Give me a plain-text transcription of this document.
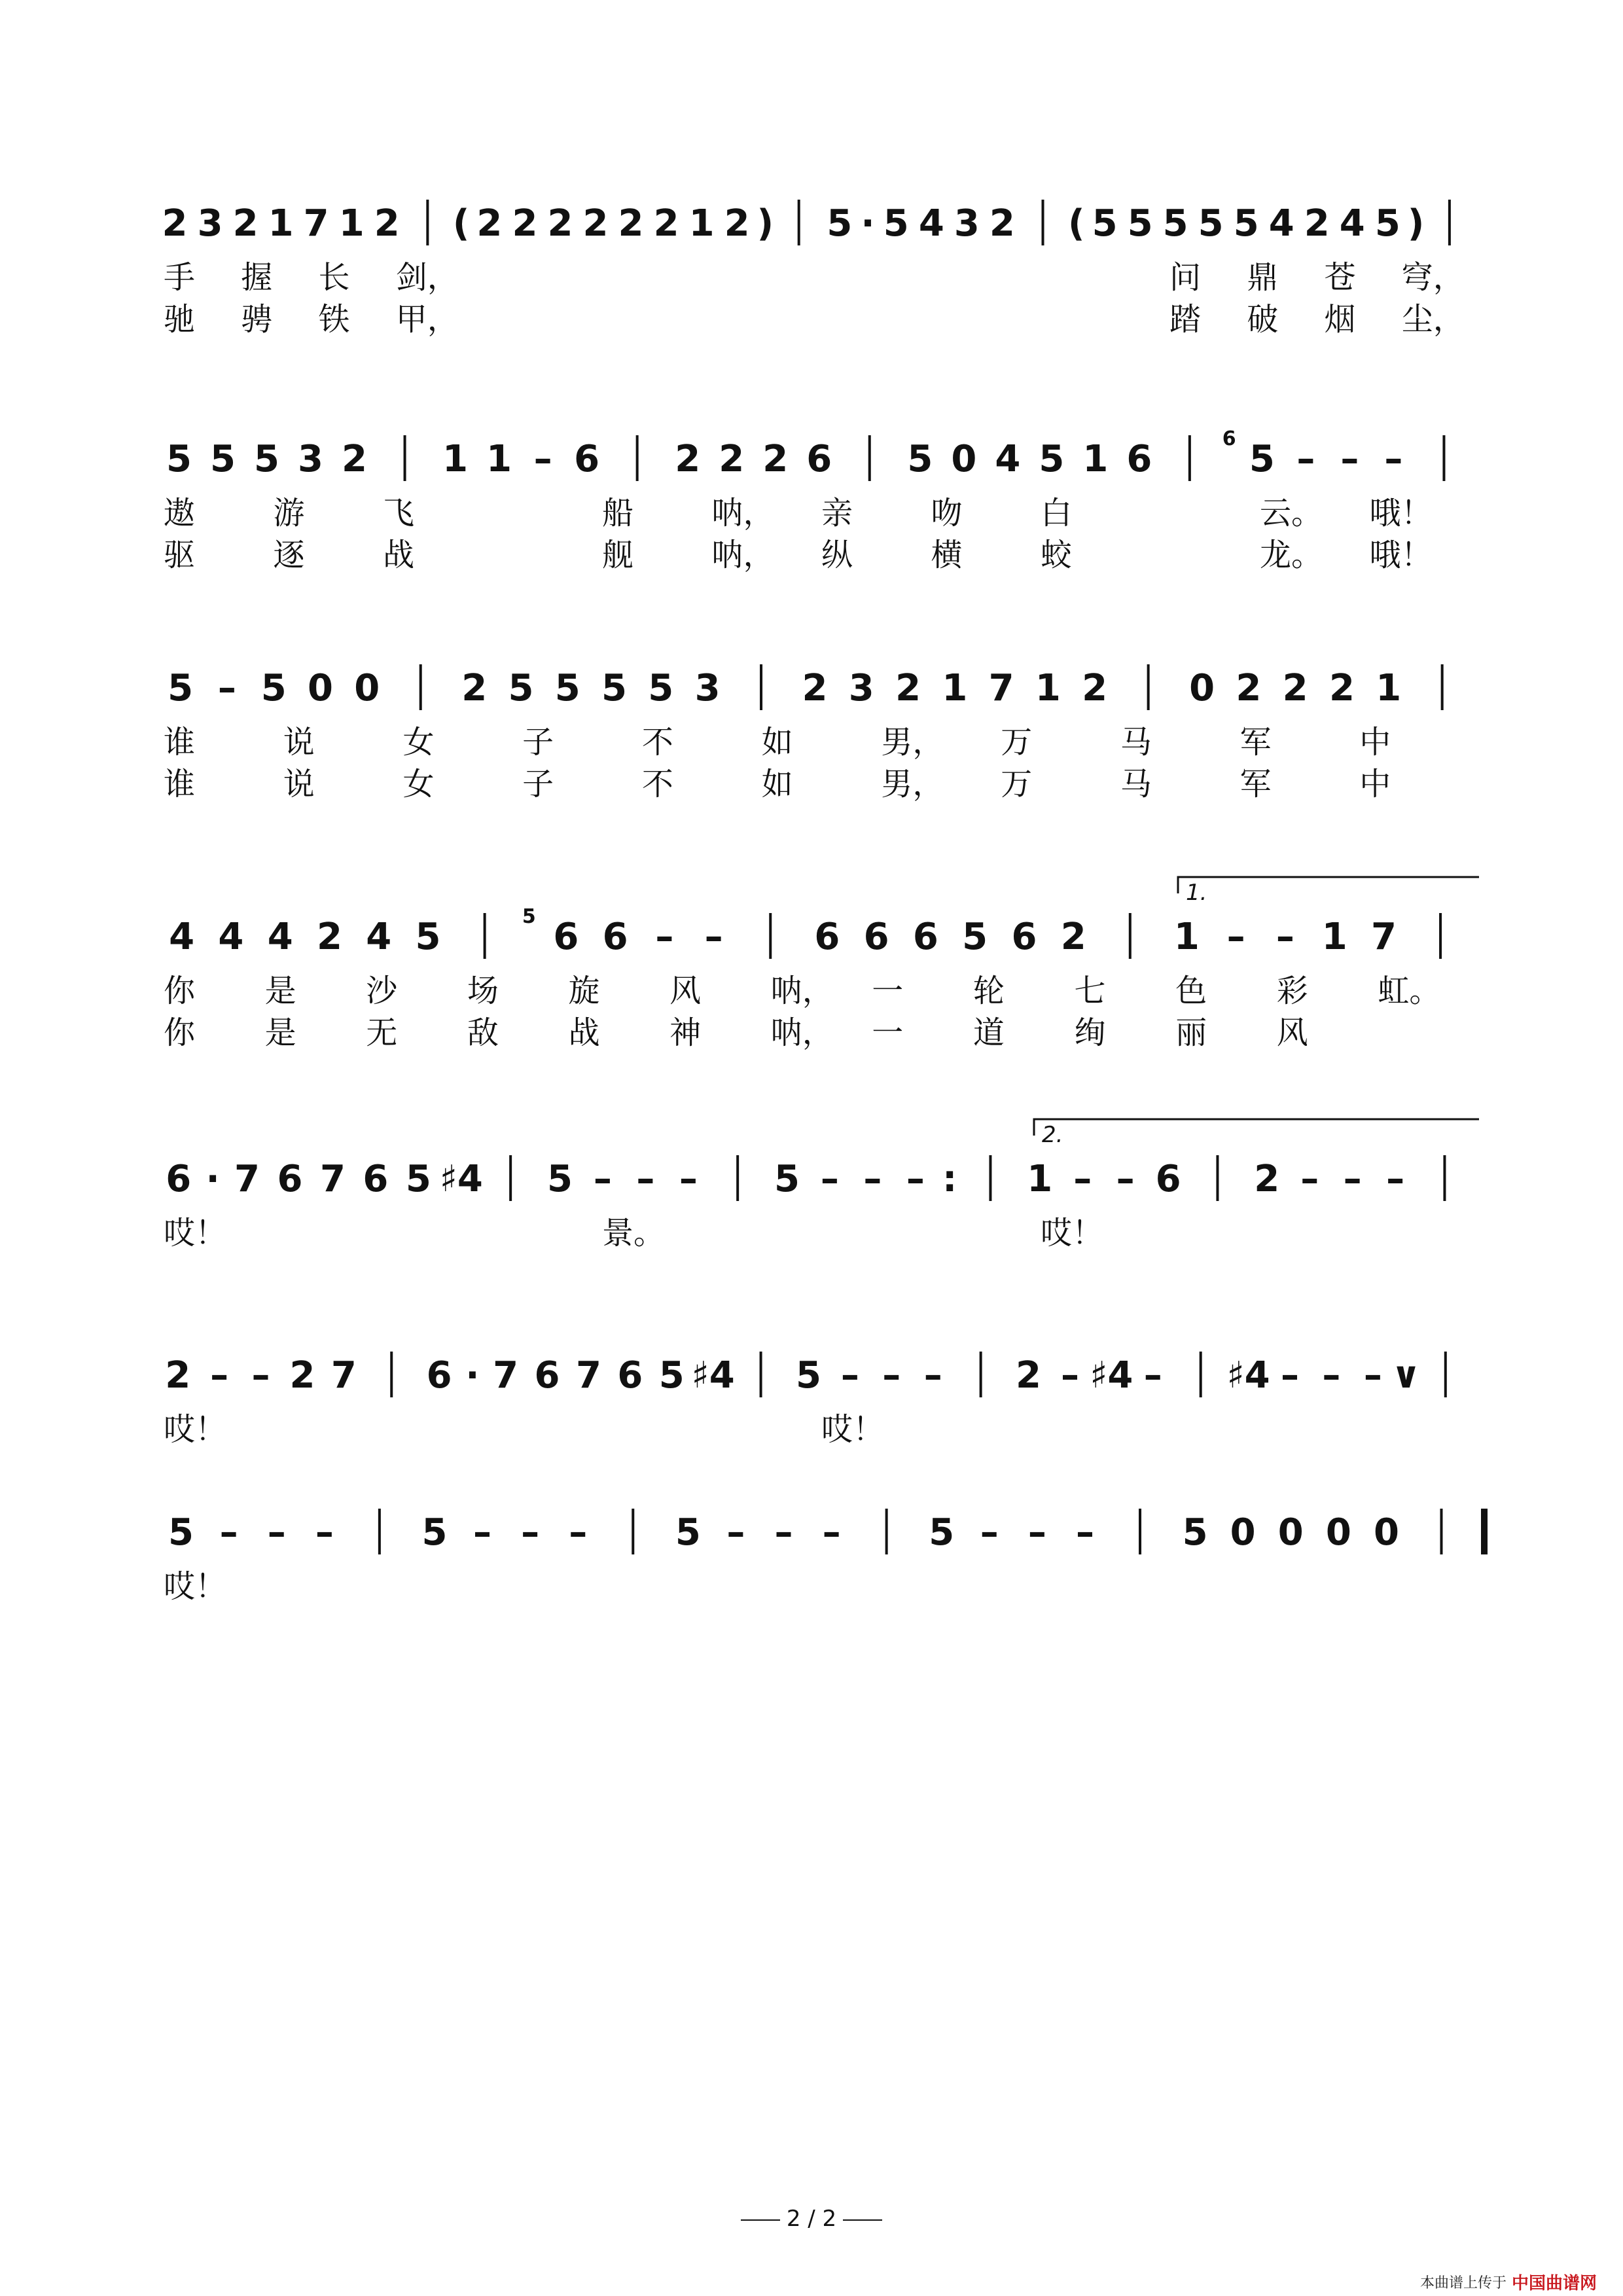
2 3 2 1 7 1 2 ( 2 2 2 2 2 2 1 2 ) 5 · 5 4 3 2 ( 5 5 5 5 5 4 2 4 5 )
手 握 长 剑，	问 鼎 苍 穹，
驰 骋 铁 甲，	踏 破 烟 尘，
5 5 5 3 2 1 1 – 6 2 2 2 6 5 0 4 5 1 6	6 5 – – –
遨 游 飞	船 呐， 亲 吻 白	云。 哦！
驱 逐 战	舰 呐， 纵 横 蛟	龙。 哦！
5 – 5 0 0 2 5 5 5 5 3 2 3 2 1 7 1 2 0 2 2 2 1
谁	说	女	子	不	如	男， 万	马	军	中
谁	说	女	子	不	如	男， 万	马	军	中
4 4 4 2 4 5	5 6 6 – – 6 6 6 5 6 2 1 – – 1 7
1.
你 是 沙 场 旋 风 呐， 一 轮 七 色 彩 虹。
你 是 无 敌 战 神 呐， 一 道 绚 丽 风
6 · 7 6 7 6 5 ♯4 5 – – – 5 – – – : 1 – – 6 2 – – –
2.
哎！	景。	哎！
2 – – 2 7 6 · 7 6 7 6 5 ♯4 5 – – – 2 – ♯4 – ♯4 – – – ∨
哎！	哎！
5 – – – 5 – – – 5 – – – 5 – – – 5 0 0 0 0
哎！
2 / 2
本曲谱上传于 中国曲谱网
